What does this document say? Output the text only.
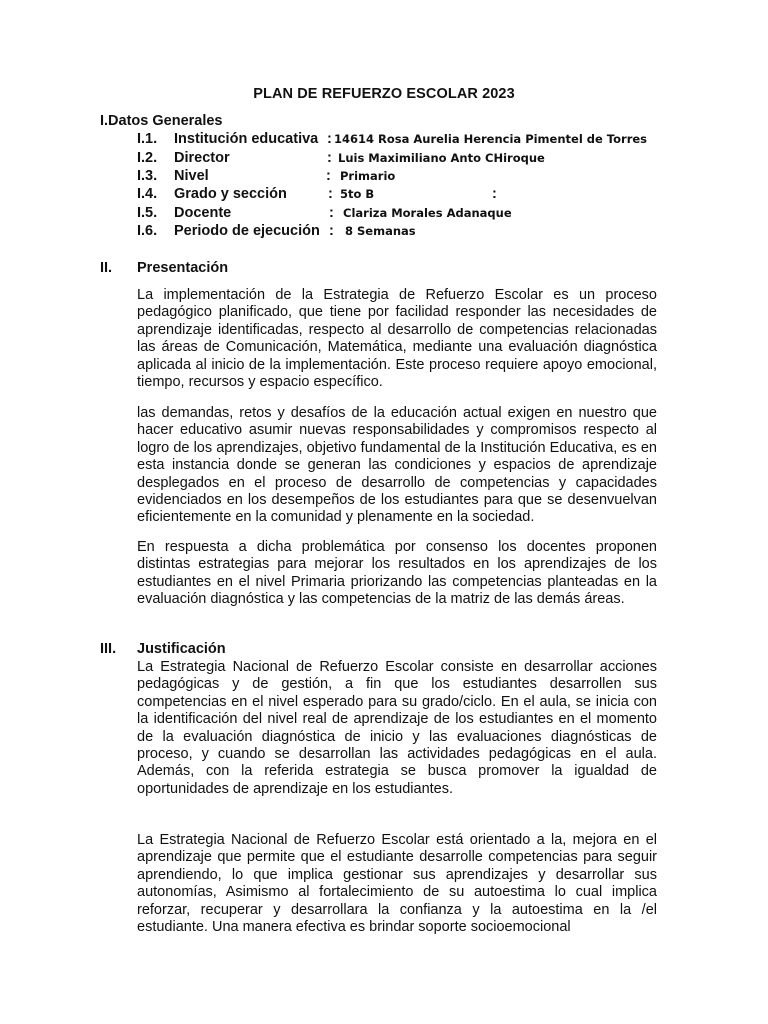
PLAN DE REFUERZO ESCOLAR 2023
I.Datos Generales
I.1. Institución educativa : 14614 Rosa Aurelia Herencia Pimentel de Torres
I.2. Director	: Luis Maximiliano Anto CHiroque
I.3. Nivel	: Primario
I.4. Grado y sección	: 5to B	:
I.5. Docente	: Clariza Morales Adanaque
I.6. Periodo de ejecución : 8 Semanas
II. Presentación

La implementación de la Estrategia de Refuerzo Escolar es un proceso pedagógico planificado, que tiene por facilidad responder las necesidades de aprendizaje identificadas, respecto al desarrollo de competencias relacionadas las áreas de Comunicación, Matemática, mediante una evaluación diagnóstica aplicada al inicio de la implementación. Este proceso requiere apoyo emocional, tiempo, recursos y espacio específico.

las demandas, retos y desafíos de la educación actual exigen en nuestro que hacer educativo asumir nuevas responsabilidades y compromisos respecto al logro de los aprendizajes, objetivo fundamental de la Institución Educativa, es en esta instancia donde se generan las condiciones y espacios de aprendizaje desplegados en el proceso de desarrollo de competencias y capacidades evidenciados en los desempeños de los estudiantes para que se desenvuelvan eficientemente en la comunidad y plenamente en la sociedad.

En respuesta a dicha problemática por consenso los docentes proponen distintas estrategias para mejorar los resultados en los aprendizajes de los estudiantes en el nivel Primaria priorizando las competencias planteadas en la evaluación diagnóstica y las competencias de la matriz de las demás áreas.

III. Justificación

La Estrategia Nacional de Refuerzo Escolar consiste en desarrollar acciones pedagógicas y de gestión, a fin que los estudiantes desarrollen sus competencias en el nivel esperado para su grado/ciclo. En el aula, se inicia con la identificación del nivel real de aprendizaje de los estudiantes en el momento de la evaluación diagnóstica de inicio y las evaluaciones diagnósticas de proceso, y cuando se desarrollan las actividades pedagógicas en el aula. Además, con la referida estrategia se busca promover la igualdad de oportunidades de aprendizaje en los estudiantes.

La Estrategia Nacional de Refuerzo Escolar está orientado a la, mejora en el aprendizaje que permite que el estudiante desarrolle competencias para seguir aprendiendo, lo que implica gestionar sus aprendizajes y desarrollar sus autonomías, Asimismo al fortalecimiento de su autoestima lo cual implica reforzar, recuperar y desarrollara la confianza y la autoestima en la /el estudiante. Una manera efectiva es brindar soporte socioemocional
